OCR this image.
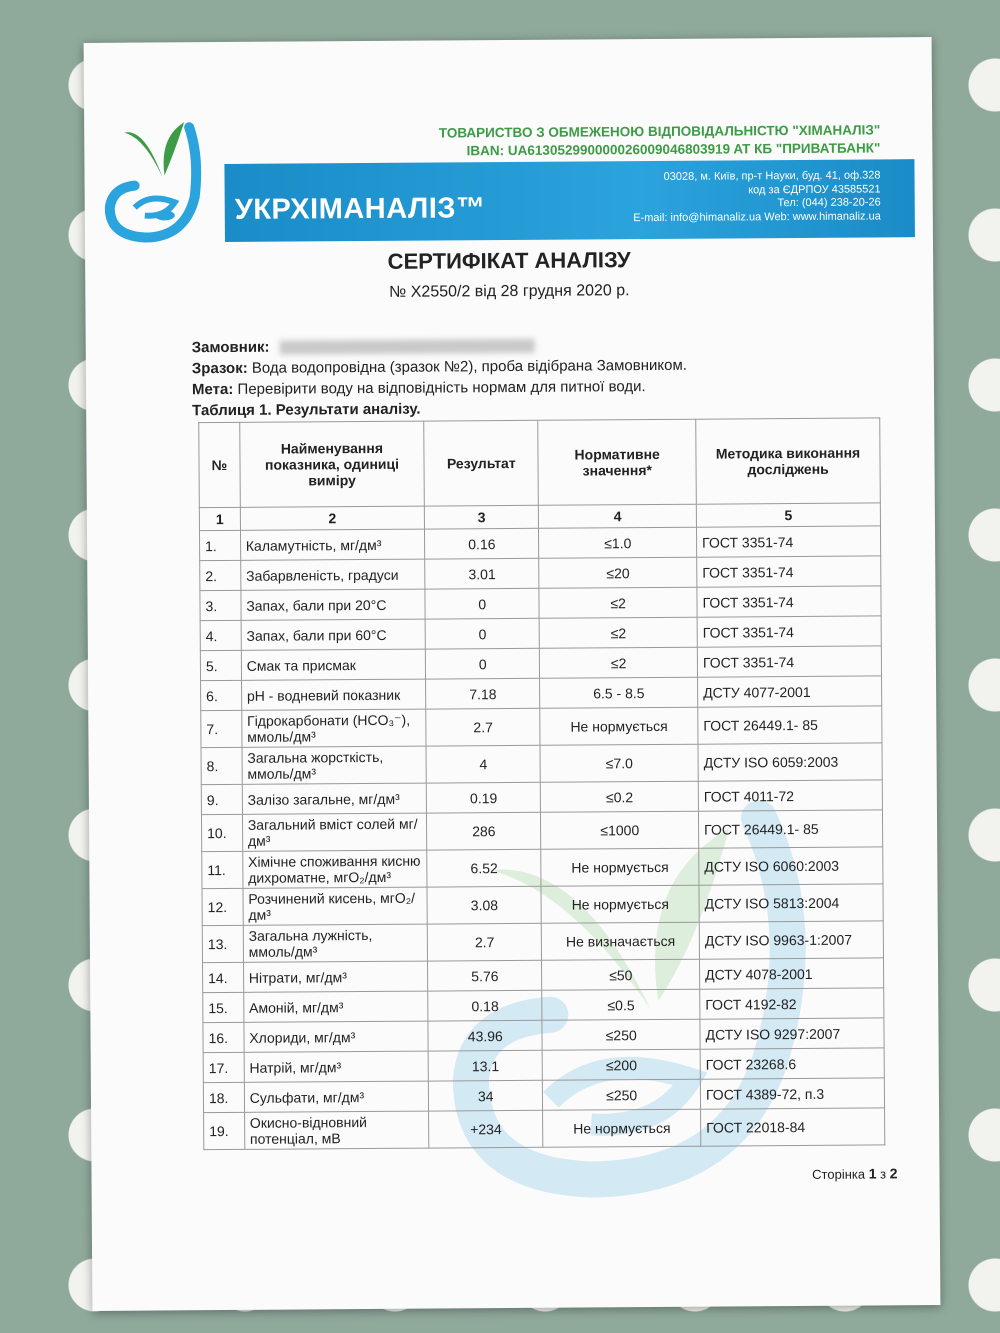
УКРХІМАНАЛІЗ™
ТОВАРИСТВО З ОБМЕЖЕНОЮ ВІДПОВІДАЛЬНІСТЮ "ХІМАНАЛІЗ"
IBAN: UA613052990000026009046803919 AT КБ "ПРИВАТБАНК"
03028, м. Київ, пр-т Науки, буд. 41, оф.328
код за ЄДРПОУ 43585521
Тел: (044) 238-20-26
E-mail: info@himanaliz.ua Web: www.himanaliz.ua
СЕРТИФІКАТ АНАЛІЗУ
№ Х2550/2 від 28 грудня 2020 р.
Замовник:
Зразок: Вода водопровідна (зразок №2), проба відібрана Замовником.
Мета: Перевірити воду на відповідність нормам для питної води.
Таблиця 1. Результати аналізу.
№	Найменування показника, одиниці виміру	Результат	Нормативне значення*	Методика виконання досліджень
1	2	3	4	5
1.	Каламутність, мг/дм³	0.16	≤1.0	ГОСТ 3351-74
2.	Забарвленість, градуси	3.01	≤20	ГОСТ 3351-74
3.	Запах, бали при 20°С	0	≤2	ГОСТ 3351-74
4.	Запах, бали при 60°С	0	≤2	ГОСТ 3351-74
5.	Смак та присмак	0	≤2	ГОСТ 3351-74
6.	pH - водневий показник	7.18	6.5 - 8.5	ДСТУ 4077-2001
7.	Гідрокарбонати (HCO₃⁻), ммоль/дм³	2.7	Не нормується	ГОСТ 26449.1- 85
8.	Загальна жорсткість, ммоль/дм³	4	≤7.0	ДСТУ ISO 6059:2003
9.	Залізо загальне, мг/дм³	0.19	≤0.2	ГОСТ 4011-72
10.	Загальний вміст солей мг/дм³	286	≤1000	ГОСТ 26449.1- 85
11.	Хімічне споживання кисню дихроматне, мгО₂/дм³	6.52	Не нормується	ДСТУ ISO 6060:2003
12.	Розчинений кисень, мгО₂/дм³	3.08	Не нормується	ДСТУ ISO 5813:2004
13.	Загальна лужність, ммоль/дм³	2.7	Не визначається	ДСТУ ISO 9963-1:2007
14.	Нітрати, мг/дм³	5.76	≤50	ДСТУ 4078-2001
15.	Амоній, мг/дм³	0.18	≤0.5	ГОСТ 4192-82
16.	Хлориди, мг/дм³	43.96	≤250	ДСТУ ISO 9297:2007
17.	Натрій, мг/дм³	13.1	≤200	ГОСТ 23268.6
18.	Сульфати, мг/дм³	34	≤250	ГОСТ 4389-72, п.3
19.	Окисно-відновний потенціал, мВ	+234	Не нормується	ГОСТ 22018-84
Сторінка 1 з 2
